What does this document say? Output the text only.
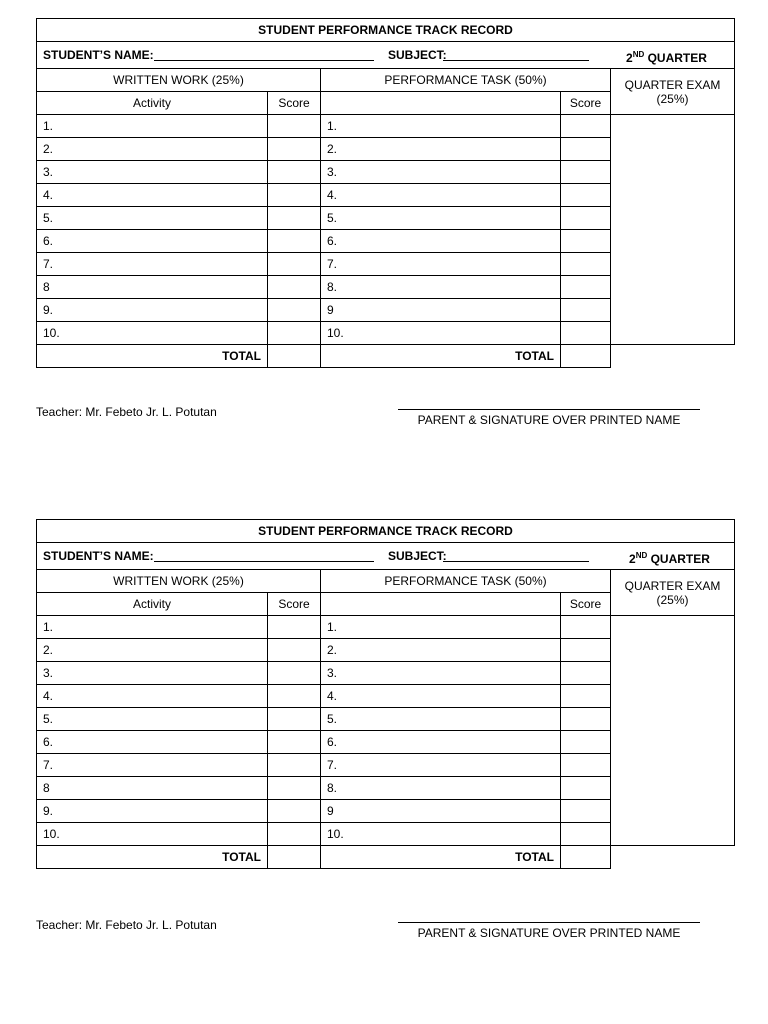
STUDENT PERFORMANCE TRACK RECORD				

STUDENT’S NAME: SUBJECT: 2ND QUARTER				

WRITTEN WORK (25%)		PERFORMANCE TASK (50%)		QUARTER EXAM
(25%)
Activity	Score		Score	
1.		1.		
2.		2.		
3.		3.		
4.		4.		
5.		5.		
6.		6.		
7.		7.		
8		8.		
9.		9		
10.		10.		
TOTAL		TOTAL		
Teacher: Mr. Febeto Jr. L. Potutan
PARENT & SIGNATURE OVER PRINTED NAME
STUDENT PERFORMANCE TRACK RECORD				

STUDENT’S NAME: SUBJECT: 2ND QUARTER				

WRITTEN WORK (25%)		PERFORMANCE TASK (50%)		QUARTER EXAM
(25%)
Activity	Score		Score	
1.		1.		
2.		2.		
3.		3.		
4.		4.		
5.		5.		
6.		6.		
7.		7.		
8		8.		
9.		9		
10.		10.		
TOTAL		TOTAL		
Teacher: Mr. Febeto Jr. L. Potutan
PARENT & SIGNATURE OVER PRINTED NAME
